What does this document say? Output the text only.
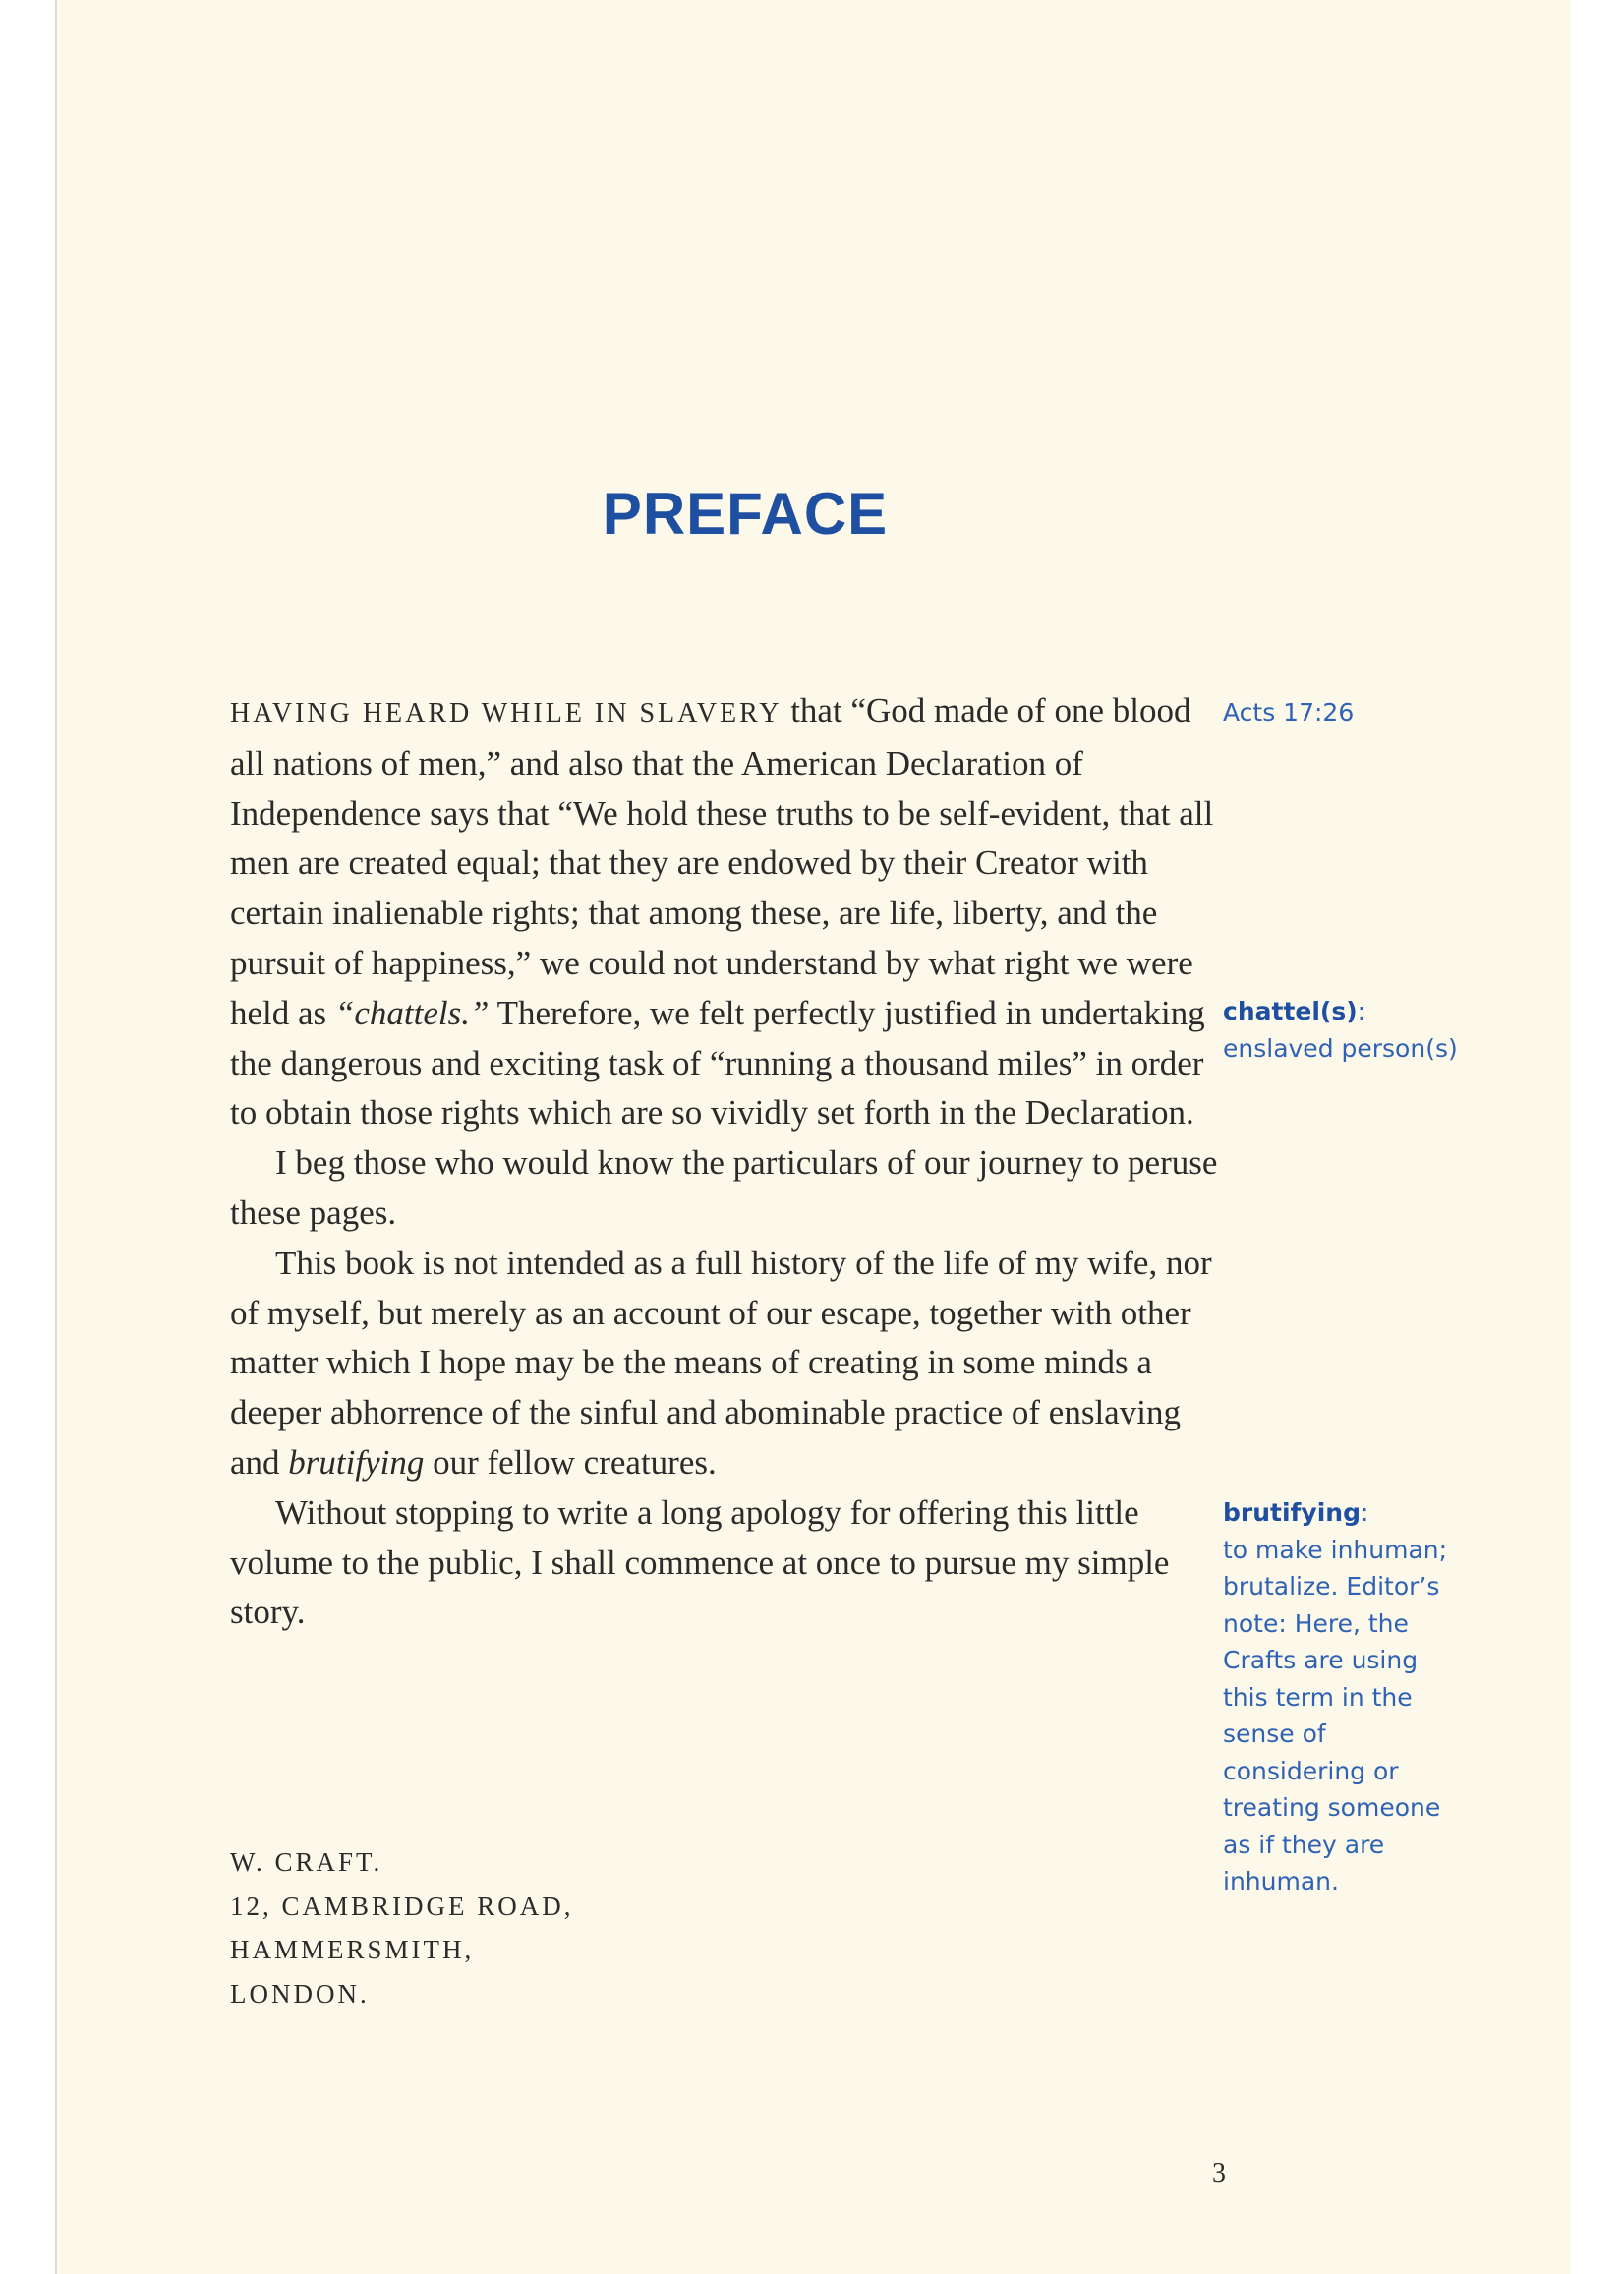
PREFACE

HAVING HEARD WHILE IN SLAVERY that “God made of one blood all nations of men,” and also that the American Declaration of Independence says that “We hold these truths to be self-evident, that all men are created equal; that they are endowed by their Creator with certain inalienable rights; that among these, are life, liberty, and the pursuit of happiness,” we could not understand by what right we were held as “chattels.” Therefore, we felt perfectly justified in undertaking the dangerous and exciting task of “running a thousand miles” in order to obtain those rights which are so vividly set forth in the Declaration.

I beg those who would know the particulars of our journey to peruse these pages.

This book is not intended as a full history of the life of my wife, nor of myself, but merely as an account of our escape, together with other matter which I hope may be the means of creating in some minds a deeper abhorrence of the sinful and abominable practice of enslaving and brutifying our fellow creatures.

Without stopping to write a long apology for offering this little volume to the public, I shall commence at once to pursue my simple story.

W. CRAFT.
12, CAMBRIDGE ROAD,
HAMMERSMITH,
LONDON.
Acts 17:26
chattel(s):
enslaved person(s)
brutifying:
to make inhuman; brutalize. Editor’s note: Here, the Crafts are using this term in the sense of considering or treating someone as if they are inhuman.
3
